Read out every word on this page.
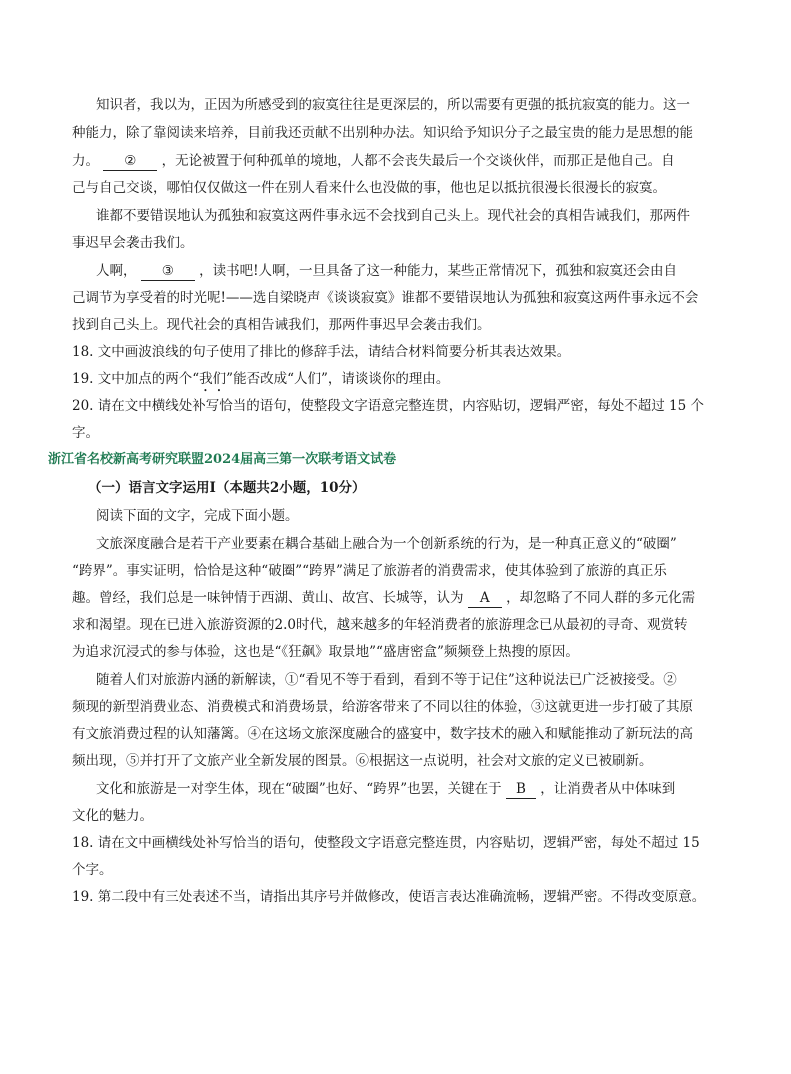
知识者，我以为，正因为所感受到的寂寞往往是更深层的，所以需要有更强的抵抗寂寞的能力。这一
种能力，除了靠阅读来培养，目前我还贡献不出别种办法。知识给予知识分子之最宝贵的能力是思想的能
力。 ② ，无论被置于何种孤单的境地，人都不会丧失最后一个交谈伙伴，而那正是他自己。自
己与自己交谈，哪怕仅仅做这一件在别人看来什么也没做的事，他也足以抵抗很漫长很漫长的寂寞。
谁都不要错误地认为孤独和寂寞这两件事永远不会找到自己头上。现代社会的真相告诫我们，那两件
事迟早会袭击我们。
人啊， ③ ，读书吧!人啊，一旦具备了这一种能力，某些正常情况下，孤独和寂寞还会由自
己调节为享受着的时光呢!——选自梁晓声《谈谈寂寞》谁都不要错误地认为孤独和寂寞这两件事永远不会
找到自己头上。现代社会的真相告诫我们，那两件事迟早会袭击我们。
18. 文中画波浪线的句子使用了排比的修辞手法，请结合材料简要分析其表达效果。
19. 文中加点的两个“我们”能否改成“人们”，请谈谈你的理由。
20. 请在文中横线处补写恰当的语句，使整段文字语意完整连贯，内容贴切，逻辑严密，每处不超过 15 个
字。
浙江省名校新高考研究联盟2024届高三第一次联考语文试卷
（一）语言文字运用Ⅰ（本题共2小题，10分）
阅读下面的文字，完成下面小题。
文旅深度融合是若干产业要素在耦合基础上融合为一个创新系统的行为，是一种真正意义的“破圈”
“跨界”。事实证明，恰恰是这种“破圈”“跨界”满足了旅游者的消费需求，使其体验到了旅游的真正乐
趣。曾经，我们总是一味钟情于西湖、黄山、故宫、长城等，认为 A ，却忽略了不同人群的多元化需
求和渴望。现在已进入旅游资源的2.0时代，越来越多的年轻消费者的旅游理念已从最初的寻奇、观赏转
为追求沉浸式的参与体验，这也是“《狂飙》取景地”“盛唐密盒”频频登上热搜的原因。
随着人们对旅游内涵的新解读，①“看见不等于看到，看到不等于记住”这种说法已广泛被接受。②
频现的新型消费业态、消费模式和消费场景，给游客带来了不同以往的体验，③这就更进一步打破了其原
有文旅消费过程的认知藩篱。④在这场文旅深度融合的盛宴中，数字技术的融入和赋能推动了新玩法的高
频出现，⑤并打开了文旅产业全新发展的图景。⑥根据这一点说明，社会对文旅的定义已被刷新。
文化和旅游是一对孪生体，现在“破圈”也好、“跨界”也罢，关键在于 B ，让消费者从中体味到
文化的魅力。
18. 请在文中画横线处补写恰当的语句，使整段文字语意完整连贯，内容贴切，逻辑严密，每处不超过 15
个字。
19. 第二段中有三处表述不当，请指出其序号并做修改，使语言表达准确流畅，逻辑严密。不得改变原意。
